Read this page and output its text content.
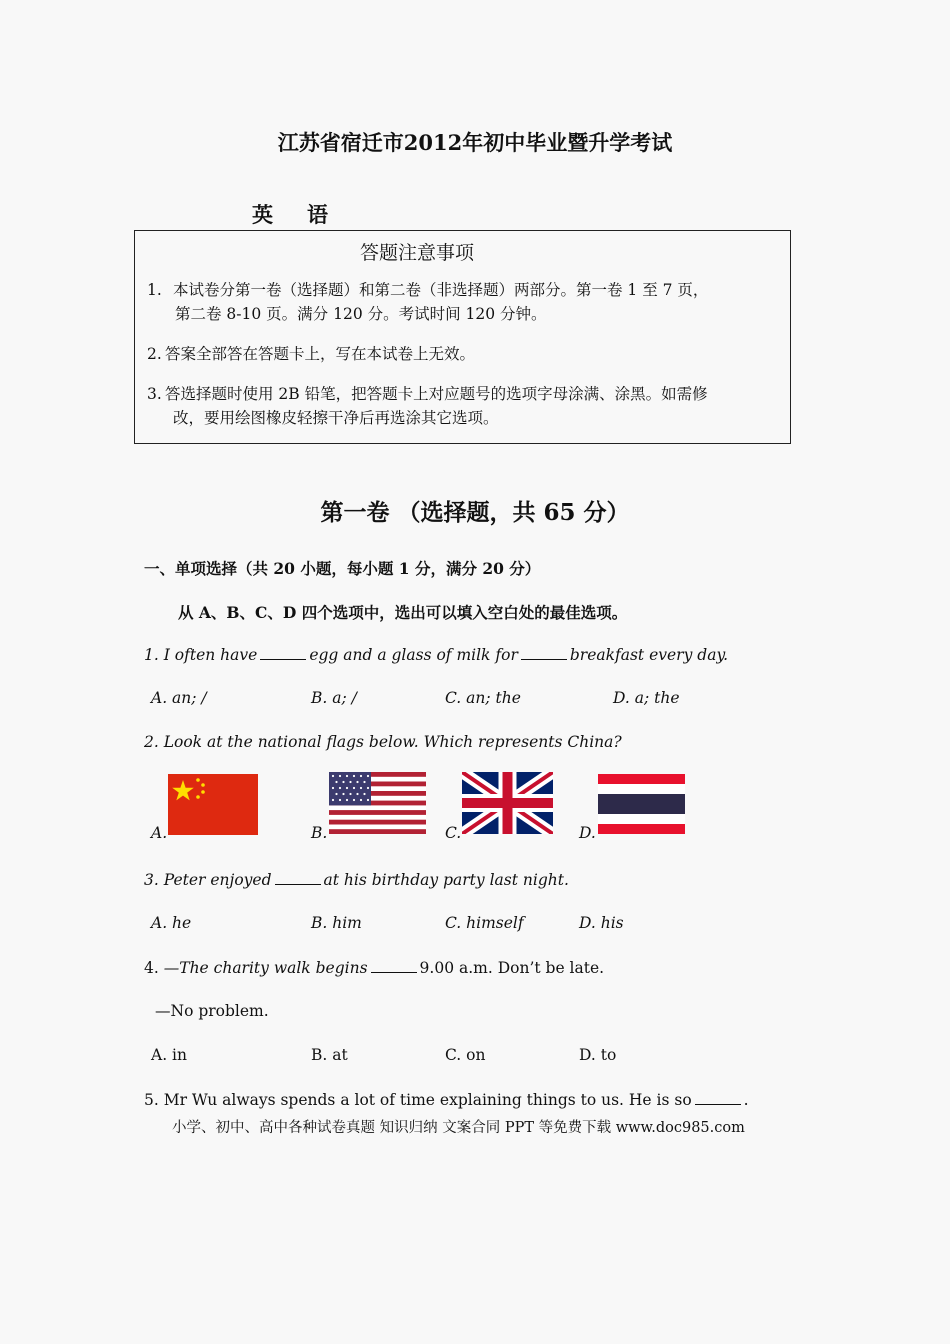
江苏省宿迁市2012年初中毕业暨升学考试
英 语
答题注意事项
1. 本试卷分第一卷（选择题）和第二卷（非选择题）两部分。第一卷 1 至 7 页，
第二卷 8-10 页。满分 120 分。考试时间 120 分钟。
2. 答案全部答在答题卡上，写在本试卷上无效。
3. 答选择题时使用 2B 铅笔，把答题卡上对应题号的选项字母涂满、涂黑。如需修
改，要用绘图橡皮轻擦干净后再选涂其它选项。
第一卷 （选择题，共 65 分）
一、单项选择（共 20 小题，每小题 1 分，满分 20 分）
从 A、B、C、D 四个选项中，选出可以填入空白处的最佳选项。
1. I often have	egg and a glass of milk for	breakfast every day.
A. an; /	B. a; /	C. an; the	D. a; the
2. Look at the national flags below. Which represents China?
A.	B.	C.	D.
3. Peter enjoyed	at his birthday party last night.
A. he	B. him	C. himself	D. his
4. —The charity walk begins	9.00 a.m. Don’t be late.
—No problem.
A. in	B. at	C. on	D. to
5. Mr Wu always spends a lot of time explaining things to us. He is so	.
小学、初中、高中各种试卷真题 知识归纳 文案合同 PPT 等免费下载 www.doc985.com
